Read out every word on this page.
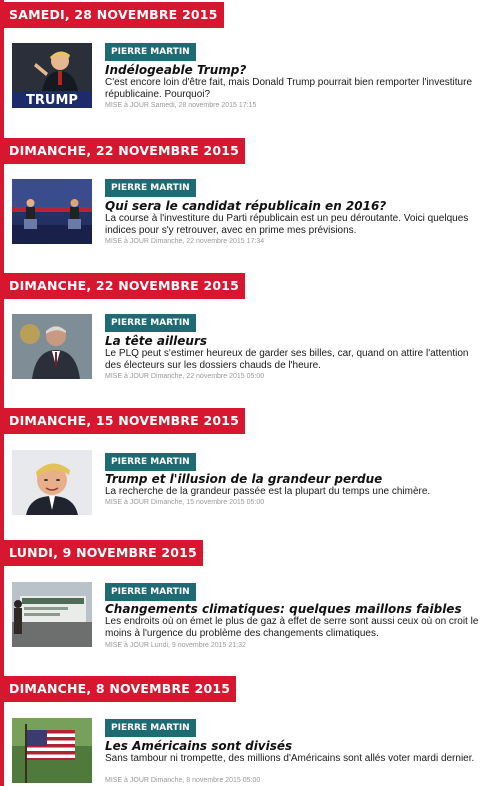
SAMEDI, 28 NOVEMBRE 2015
TRUMP
PIERRE MARTIN
Indélogeable Trump?
C'est encore loin d'être fait, mais Donald Trump pourrait bien remporter l'investiture républicaine. Pourquoi?
MISE à JOUR Samedi, 28 novembre 2015 17:15
DIMANCHE, 22 NOVEMBRE 2015
PIERRE MARTIN
Qui sera le candidat républicain en 2016?
La course à l'investiture du Parti républicain est un peu déroutante. Voici quelques indices pour s'y retrouver, avec en prime mes prévisions.
MISE à JOUR Dimanche, 22 novembre 2015 17:34
DIMANCHE, 22 NOVEMBRE 2015
PIERRE MARTIN
La tête ailleurs
Le PLQ peut s'estimer heureux de garder ses billes, car, quand on attire l'attention des électeurs sur les dossiers chauds de l'heure.
MISE à JOUR Dimanche, 22 novembre 2015 05:00
DIMANCHE, 15 NOVEMBRE 2015
PIERRE MARTIN
Trump et l'illusion de la grandeur perdue
La recherche de la grandeur passée est la plupart du temps une chimère.
MISE à JOUR Dimanche, 15 novembre 2015 05:00
LUNDI, 9 NOVEMBRE 2015
PIERRE MARTIN
Changements climatiques: quelques maillons faibles
Les endroits où on émet le plus de gaz à effet de serre sont aussi ceux où on croit le moins à l'urgence du problème des changements climatiques.
MISE à JOUR Lundi, 9 novembre 2015 21:32
DIMANCHE, 8 NOVEMBRE 2015
PIERRE MARTIN
Les Américains sont divisés
Sans tambour ni trompette, des millions d'Américains sont allés voter mardi dernier.
MISE à JOUR Dimanche, 8 novembre 2015 05:00
